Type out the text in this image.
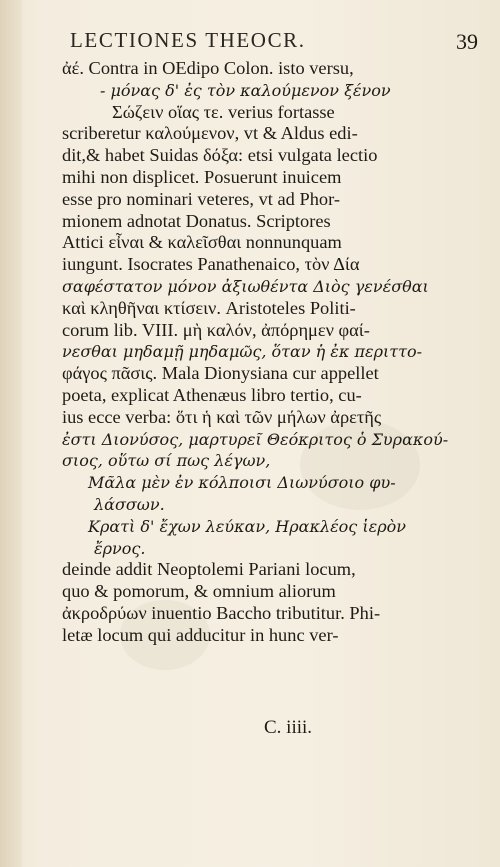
LECTIONES THEOCR.	39
ἀέ. Contra in OEdipo Colon. isto versu,
- μόνας δ' ἐς τὸν καλούμενον ξένον
Σώζειν οἵας τε. verius fortasse
scriberetur καλούμενον, vt & Aldus edi-
dit,& habet Suidas δόξα: etsi vulgata lectio
mihi non displicet. Posuerunt inuicem
esse pro nominari veteres, vt ad Phor-
mionem adnotat Donatus. Scriptores
Attici εἶναι & καλεῖσθαι nonnunquam
iungunt. Isocrates Panathenaico, τὸν Δία
σαφέστατον μόνον ἀξιωθέντα Διὸς γενέσθαι
καὶ κληθῆναι κτίσειν. Aristoteles Politi-
corum lib. VIII. μὴ καλόν, ἀπόρημεν φαί-
νεσθαι μηδαμῇ μηδαμῶς, ὅταν ἡ ἐκ περιττο-
φάγος πᾶσις. Mala Dionysiana cur appellet
poeta, explicat Athenæus libro tertio, cu-
ius ecce verba: ὅτι ἡ καὶ τῶν μήλων ἀρετῆς
ἐστι Διονύσος, μαρτυρεῖ Θεόκριτος ὁ Συρακού-
σιος, οὕτω σί πως λέγων,
Μᾶλα μὲν ἐν κόλποισι Διωνύσοιο φυ-
λάσσων.
Κρατὶ δ' ἔχων λεύκαν, Ηρακλέος ἱερὸν
ἔρνος.
deinde addit Neoptolemi Pariani locum,
quo & pomorum, & omnium aliorum
ἀκροδρύων inuentio Baccho tributitur. Phi-
letæ locum qui adducitur in hunc ver-
C. iiii.
